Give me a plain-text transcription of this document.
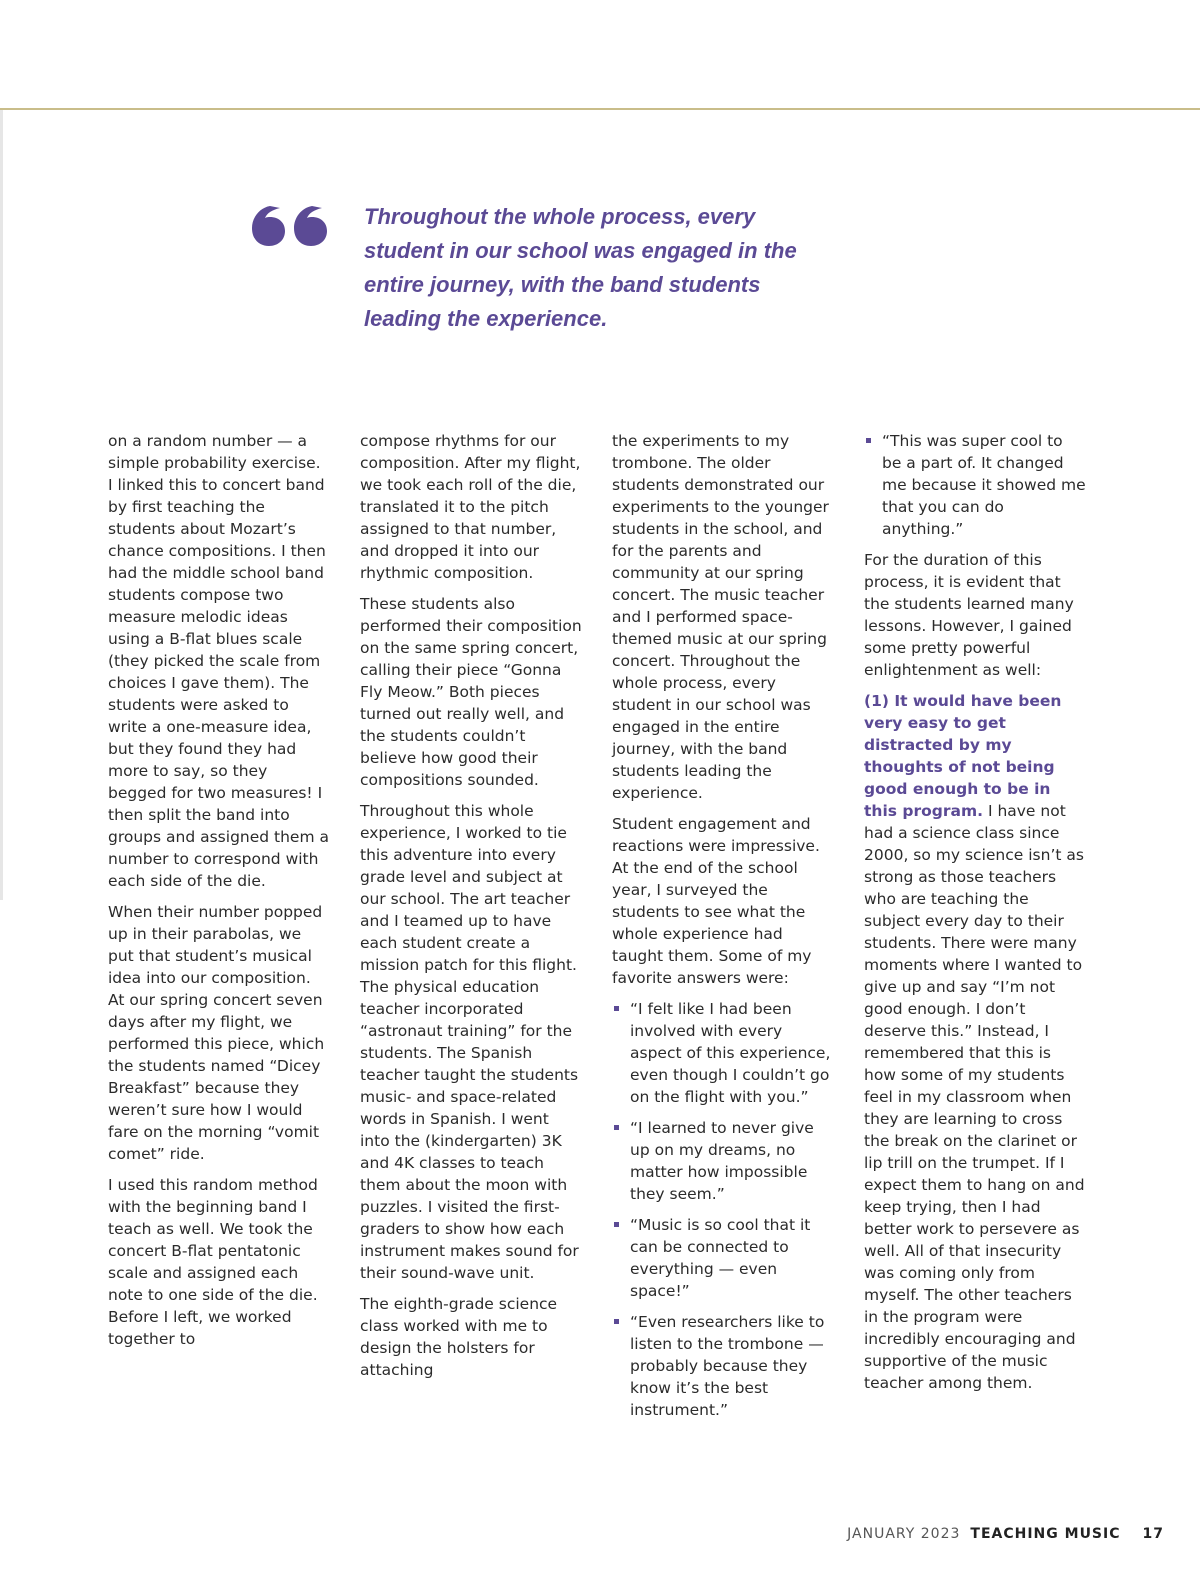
Throughout the whole process, every student in our school was engaged in the entire journey, with the band students leading the experience.

on a random number — a simple probability exercise. I linked this to concert band by first teaching the students about Mozart’s chance compositions. I then had the middle school band students compose two measure melodic ideas using a B-flat blues scale (they picked the scale from choices I gave them). The students were asked to write a one-measure idea, but they found they had more to say, so they begged for two measures! I then split the band into groups and assigned them a number to correspond with each side of the die.

When their number popped up in their parabolas, we put that student’s musical idea into our composition. At our spring concert seven days after my flight, we performed this piece, which the students named “Dicey Breakfast” because they weren’t sure how I would fare on the morning “vomit comet” ride.

I used this random method with the beginning band I teach as well. We took the concert B-flat pentatonic scale and assigned each note to one side of the die. Before I left, we worked together to

compose rhythms for our composition. After my flight, we took each roll of the die, translated it to the pitch assigned to that number, and dropped it into our rhythmic composition.

These students also performed their composition on the same spring concert, calling their piece “Gonna Fly Meow.” Both pieces turned out really well, and the students couldn’t believe how good their compositions sounded.

Throughout this whole experience, I worked to tie this adventure into every grade level and subject at our school. The art teacher and I teamed up to have each student create a mission patch for this flight. The physical education teacher incorporated “astronaut training” for the students. The Spanish teacher taught the students music- and space-related words in Spanish. I went into the (kindergarten) 3K and 4K classes to teach them about the moon with puzzles. I visited the first-graders to show how each instrument makes sound for their sound-wave unit.

The eighth-grade science class worked with me to design the holsters for attaching

the experiments to my trombone. The older students demonstrated our experiments to the younger students in the school, and for the parents and community at our spring concert. The music teacher and I performed space-themed music at our spring concert. Throughout the whole process, every student in our school was engaged in the entire journey, with the band students leading the experience.

Student engagement and reactions were impressive. At the end of the school year, I surveyed the students to see what the whole experience had taught them. Some of my favorite answers were:

“I felt like I had been involved with every aspect of this experience, even though I couldn’t go on the flight with you.”
“I learned to never give up on my dreams, no matter how impossible they seem.”
“Music is so cool that it can be connected to everything — even space!”
“Even researchers like to listen to the trombone — probably because they know it’s the best instrument.”
“This was super cool to be a part of. It changed me because it showed me that you can do anything.”

For the duration of this process, it is evident that the students learned many lessons. However, I gained some pretty powerful enlightenment as well:

(1) It would have been very easy to get distracted by my thoughts of not being good enough to be in this program. I have not had a science class since 2000, so my science isn’t as strong as those teachers who are teaching the subject every day to their students. There were many moments where I wanted to give up and say “I’m not good enough. I don’t deserve this.” Instead, I remembered that this is how some of my students feel in my classroom when they are learning to cross the break on the clarinet or lip trill on the trumpet. If I expect them to hang on and keep trying, then I had better work to persevere as well. All of that insecurity was coming only from myself. The other teachers in the program were incredibly encouraging and supportive of the music teacher among them.

JANUARY 2023 TEACHING MUSIC 17
